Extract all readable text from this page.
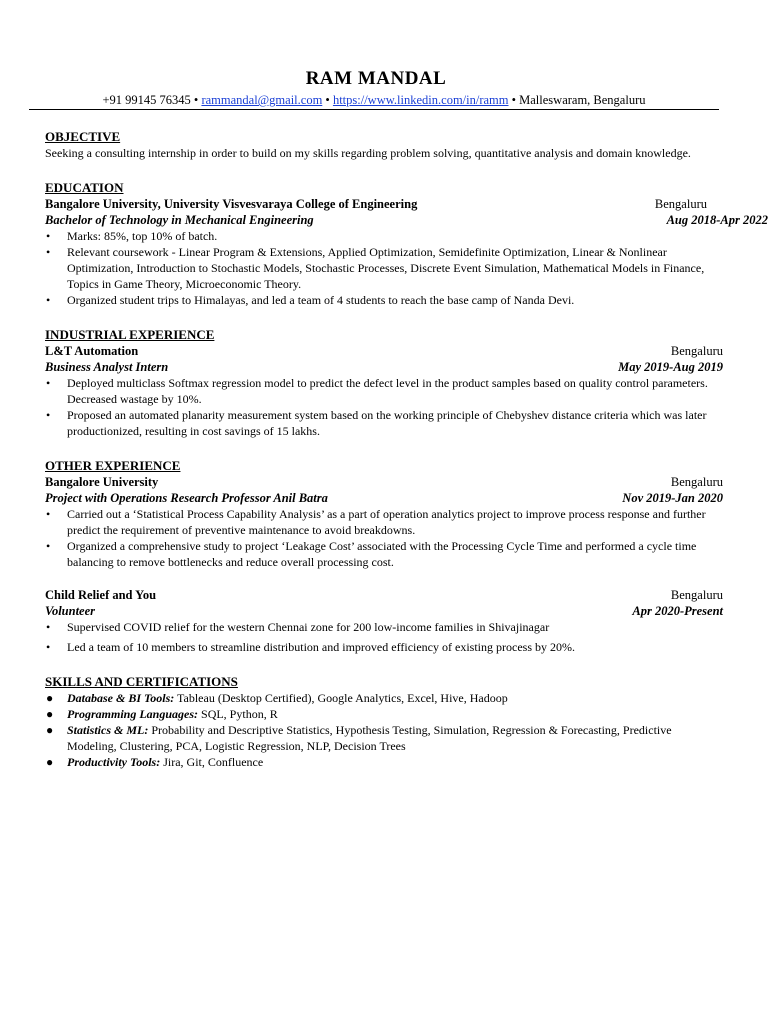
RAM MANDAL
+91 99145 76345 • rammandal@gmail.com • https://www.linkedin.com/in/ramm • Malleswaram, Bengaluru
OBJECTIVE
Seeking a consulting internship in order to build on my skills regarding problem solving, quantitative analysis and domain knowledge.
EDUCATION
Bangalore University, University Visvesvaraya College of Engineering	Bengaluru
Bachelor of Technology in Mechanical Engineering	Aug 2018-Apr 2022
• Marks: 85%, top 10% of batch.
• Relevant coursework - Linear Program & Extensions, Applied Optimization, Semidefinite Optimization, Linear & Nonlinear Optimization, Introduction to Stochastic Models, Stochastic Processes, Discrete Event Simulation, Mathematical Models in Finance, Topics in Game Theory, Microeconomic Theory.
• Organized student trips to Himalayas, and led a team of 4 students to reach the base camp of Nanda Devi.
INDUSTRIAL EXPERIENCE
L&T Automation	Bengaluru
Business Analyst Intern	May 2019-Aug 2019
• Deployed multiclass Softmax regression model to predict the defect level in the product samples based on quality control parameters. Decreased wastage by 10%.
• Proposed an automated planarity measurement system based on the working principle of Chebyshev distance criteria which was later productionized, resulting in cost savings of 15 lakhs.
OTHER EXPERIENCE
Bangalore University	Bengaluru
Project with Operations Research Professor Anil Batra	Nov 2019-Jan 2020
• Carried out a ‘Statistical Process Capability Analysis’ as a part of operation analytics project to improve process response and further predict the requirement of preventive maintenance to avoid breakdowns.
• Organized a comprehensive study to project ‘Leakage Cost’ associated with the Processing Cycle Time and performed a cycle time balancing to remove bottlenecks and reduce overall processing cost.
Child Relief and You	Bengaluru
Volunteer	Apr 2020-Present
• Supervised COVID relief for the western Chennai zone for 200 low-income families in Shivajinagar
• Led a team of 10 members to streamline distribution and improved efficiency of existing process by 20%.
SKILLS AND CERTIFICATIONS
● Database & BI Tools: Tableau (Desktop Certified), Google Analytics, Excel, Hive, Hadoop
● Programming Languages: SQL, Python, R
● Statistics & ML: Probability and Descriptive Statistics, Hypothesis Testing, Simulation, Regression & Forecasting, Predictive Modeling, Clustering, PCA, Logistic Regression, NLP, Decision Trees
● Productivity Tools: Jira, Git, Confluence
